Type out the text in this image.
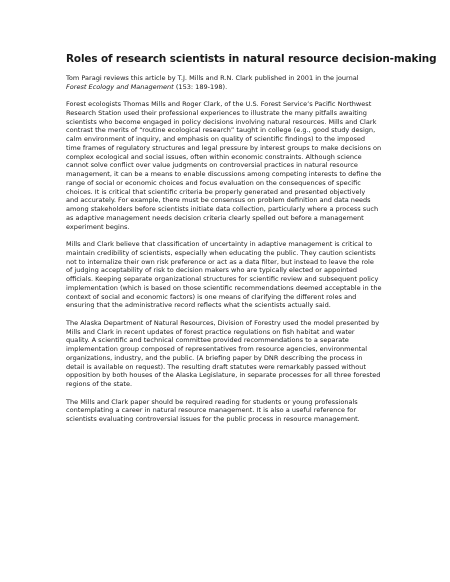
Roles of research scientists in natural resource decision-making

Tom Paragi reviews this article by T.J. Mills and R.N. Clark published in 2001 in the journal
Forest Ecology and Management (153: 189-198).

Forest ecologists Thomas Mills and Roger Clark, of the U.S. Forest Service’s Pacific Northwest
Research Station used their professional experiences to illustrate the many pitfalls awaiting
scientists who become engaged in policy decisions involving natural resources. Mills and Clark
contrast the merits of “routine ecological research” taught in college (e.g., good study design,
calm environment of inquiry, and emphasis on quality of scientific findings) to the imposed
time frames of regulatory structures and legal pressure by interest groups to make decisions on
complex ecological and social issues, often within economic constraints. Although science
cannot solve conflict over value judgments on controversial practices in natural resource
management, it can be a means to enable discussions among competing interests to define the
range of social or economic choices and focus evaluation on the consequences of specific
choices. It is critical that scientific criteria be properly generated and presented objectively
and accurately. For example, there must be consensus on problem definition and data needs
among stakeholders before scientists initiate data collection, particularly where a process such
as adaptive management needs decision criteria clearly spelled out before a management
experiment begins.

Mills and Clark believe that classification of uncertainty in adaptive management is critical to
maintain credibility of scientists, especially when educating the public. They caution scientists
not to internalize their own risk preference or act as a data filter, but instead to leave the role
of judging acceptability of risk to decision makers who are typically elected or appointed
officials. Keeping separate organizational structures for scientific review and subsequent policy
implementation (which is based on those scientific recommendations deemed acceptable in the
context of social and economic factors) is one means of clarifying the different roles and
ensuring that the administrative record reflects what the scientists actually said.

The Alaska Department of Natural Resources, Division of Forestry used the model presented by
Mills and Clark in recent updates of forest practice regulations on fish habitat and water
quality. A scientific and technical committee provided recommendations to a separate
implementation group composed of representatives from resource agencies, environmental
organizations, industry, and the public. (A briefing paper by DNR describing the process in
detail is available on request). The resulting draft statutes were remarkably passed without
opposition by both houses of the Alaska Legislature, in separate processes for all three forested
regions of the state.

The Mills and Clark paper should be required reading for students or young professionals
contemplating a career in natural resource management. It is also a useful reference for
scientists evaluating controversial issues for the public process in resource management.
